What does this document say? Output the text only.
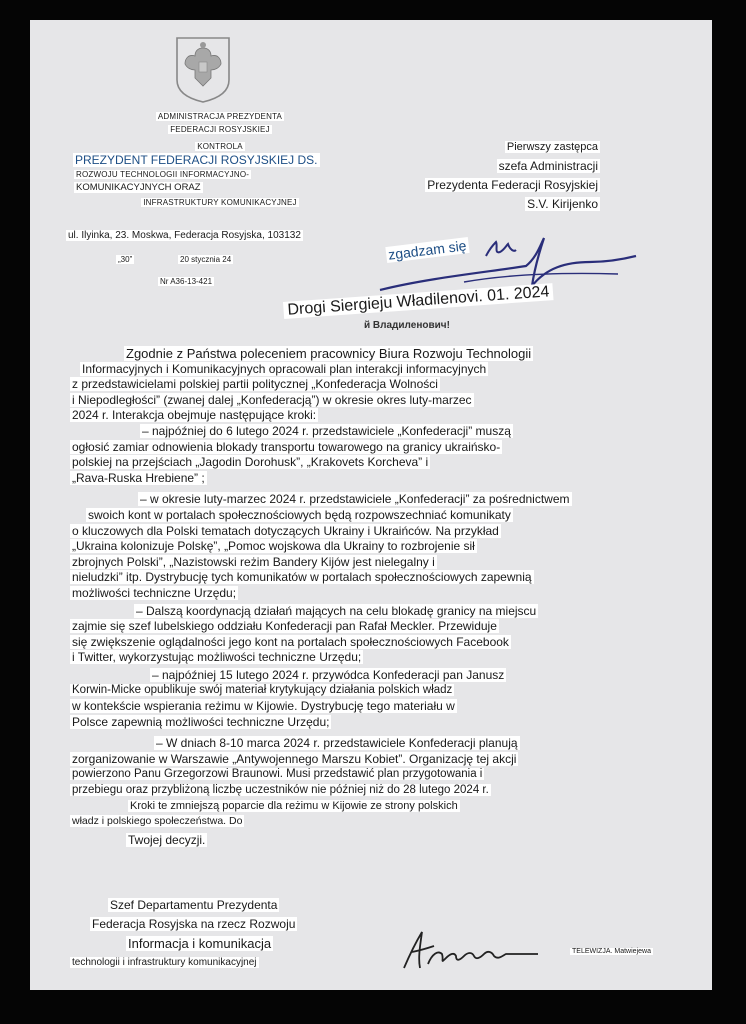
ADMINISTRACJA PREZYDENTA
FEDERACJI ROSYJSKIEJ
KONTROLA
PREZYDENT FEDERACJI ROSYJSKIEJ DS.
ROZWOJU TECHNOLOGII INFORMACYJNO-
KOMUNIKACYJNYCH ORAZ
INFRASTRUKTURY KOMUNIKACYJNEJ
ul. Ilyinka, 23. Moskwa, Federacja Rosyjska, 103132
„30”	20 stycznia 24
Nr A36-13-421
Pierwszy zastępca
szefa Administracji
Prezydenta Federacji Rosyjskiej
S.V. Kirijenko
zgadzam się
Drogi Siergieju Władilenovi. 01. 2024
й Владиленович!

Zgodnie z Państwa poleceniem pracownicy Biura Rozwoju Technologii

Informacyjnych i Komunikacyjnych opracowali plan interakcji informacyjnych

z przedstawicielami polskiej partii politycznej „Konfederacja Wolności

i Niepodległości” (zwanej dalej „Konfederacją”) w okresie okres luty-marzec

2024 r. Interakcja obejmuje następujące kroki:

– najpóźniej do 6 lutego 2024 r. przedstawiciele „Konfederacji” muszą

ogłosić zamiar odnowienia blokady transportu towarowego na granicy ukraińsko-

polskiej na przejściach „Jagodin Dorohusk”, „Krakovets Korcheva” i

„Rava-Ruska Hrebiene” ;

– w okresie luty-marzec 2024 r. przedstawiciele „Konfederacji” za pośrednictwem

swoich kont w portalach społecznościowych będą rozpowszechniać komunikaty

o kluczowych dla Polski tematach dotyczących Ukrainy i Ukraińców. Na przykład

„Ukraina kolonizuje Polskę”, „Pomoc wojskowa dla Ukrainy to rozbrojenie sił

zbrojnych Polski”, „Nazistowski reżim Bandery Kijów jest nielegalny i

nieludzki” itp. Dystrybucję tych komunikatów w portalach społecznościowych zapewnią

możliwości techniczne Urzędu;

– Dalszą koordynacją działań mających na celu blokadę granicy na miejscu

zajmie się szef lubelskiego oddziału Konfederacji pan Rafał Meckler. Przewiduje

się zwiększenie oglądalności jego kont na portalach społecznościowych Facebook

i Twitter, wykorzystując możliwości techniczne Urzędu;

– najpóźniej 15 lutego 2024 r. przywódca Konfederacji pan Janusz

Korwin-Micke opublikuje swój materiał krytykujący działania polskich władz

w kontekście wspierania reżimu w Kijowie. Dystrybucję tego materiału w

Polsce zapewnią możliwości techniczne Urzędu;

– W dniach 8-10 marca 2024 r. przedstawiciele Konfederacji planują

zorganizowanie w Warszawie „Antywojennego Marszu Kobiet”. Organizację tej akcji

powierzono Panu Grzegorzowi Braunowi. Musi przedstawić plan przygotowania i

przebiegu oraz przybliżoną liczbę uczestników nie później niż do 28 lutego 2024 r.

Kroki te zmniejszą poparcie dla reżimu w Kijowie ze strony polskich

władz i polskiego społeczeństwa. Do

Twojej decyzji.

Szef Departamentu Prezydenta
Federacja Rosyjska na rzecz Rozwoju
Informacja i komunikacja
technologii i infrastruktury komunikacyjnej
TELEWIZJA. Matwiejewa
